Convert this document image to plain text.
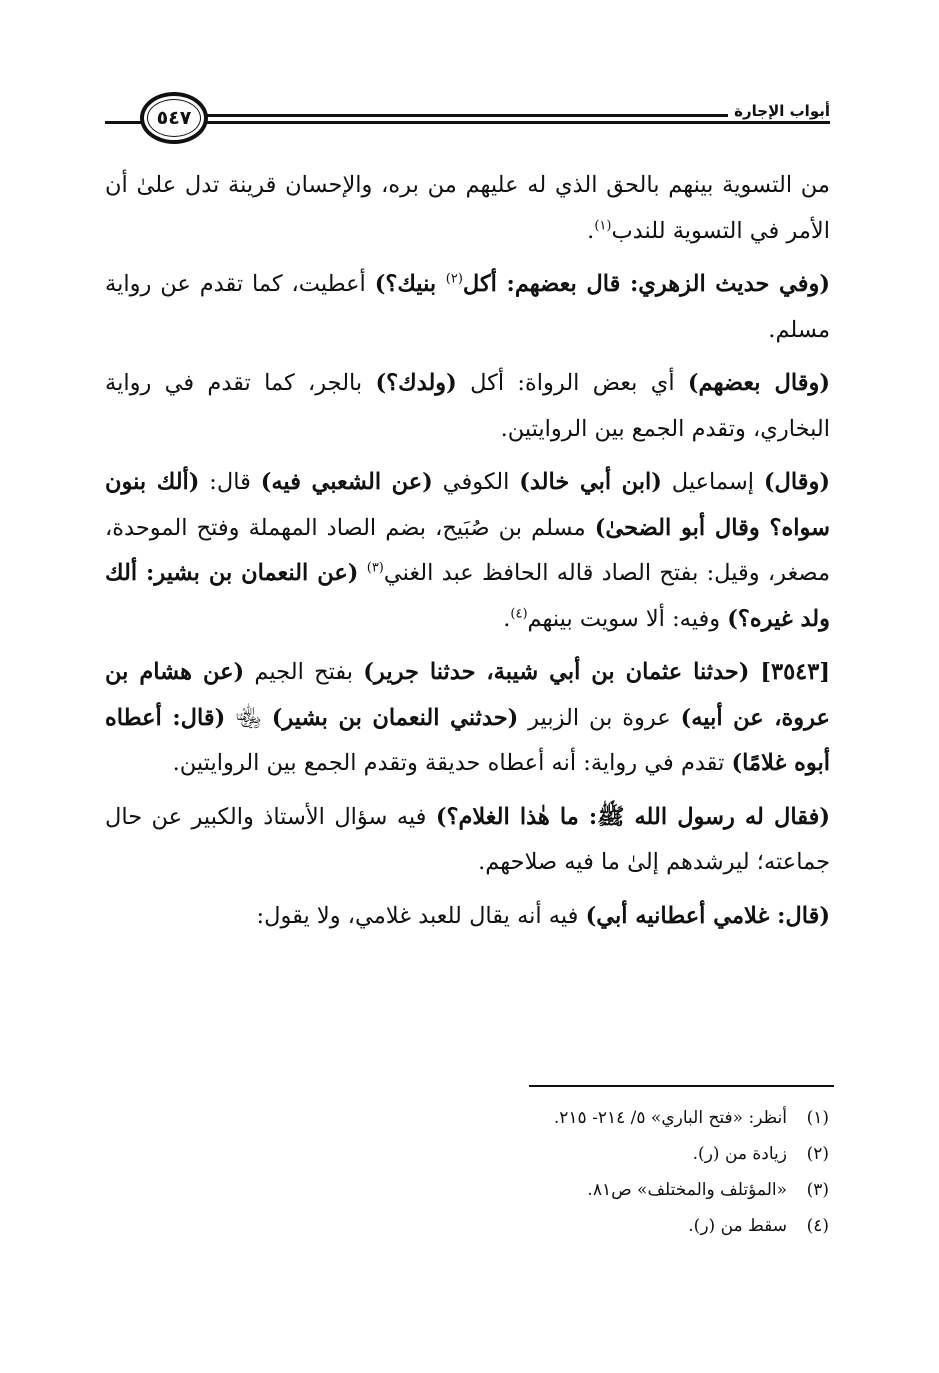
٥٤٧	أبواب الإجارة

من التسوية بينهم بالحق الذي له عليهم من بره، والإحسان قرينة تدل علىٰ أن الأمر في التسوية للندب$^{(١)}$.

(وفي حديث الزهري: قال بعضهم: أكل$^{(٢)}$ بنيك؟) أعطيت، كما تقدم عن رواية مسلم.

(وقال بعضهم) أي بعض الرواة: أكل (ولدك؟) بالجر، كما تقدم في رواية البخاري، وتقدم الجمع بين الروايتين.

(وقال) إسماعيل (ابن أبي خالد) الكوفي (عن الشعبي فيه) قال: (ألك بنون سواه؟ وقال أبو الضحىٰ) مسلم بن صُبَيح، بضم الصاد المهملة وفتح الموحدة، مصغر، وقيل: بفتح الصاد قاله الحافظ عبد الغني$^{(٣)}$ (عن النعمان بن بشير: ألك ولد غيره؟) وفيه: ألا سويت بينهم$^{(٤)}$.

[٣٥٤٣] (حدثنا عثمان بن أبي شيبة، حدثنا جرير) بفتح الجيم (عن هشام بن عروة، عن أبيه) عروة بن الزبير (حدثني النعمان بن بشير) ﵄ (قال: أعطاه أبوه غلامًا) تقدم في رواية: أنه أعطاه حديقة وتقدم الجمع بين الروايتين.

(فقال له رسول الله ﷺ: ما هٰذا الغلام؟) فيه سؤال الأستاذ والكبير عن حال جماعته؛ ليرشدهم إلىٰ ما فيه صلاحهم.

(قال: غلامي أعطانيه أبي) فيه أنه يقال للعبد غلامي، ولا يقول:

(١)
أنظر: «فتح الباري» ٥/ ٢١٤- ٢١٥.
(٢)
زيادة من (ر).
(٣)
«المؤتلف والمختلف» ص٨١.
(٤)
سقط من (ر).
